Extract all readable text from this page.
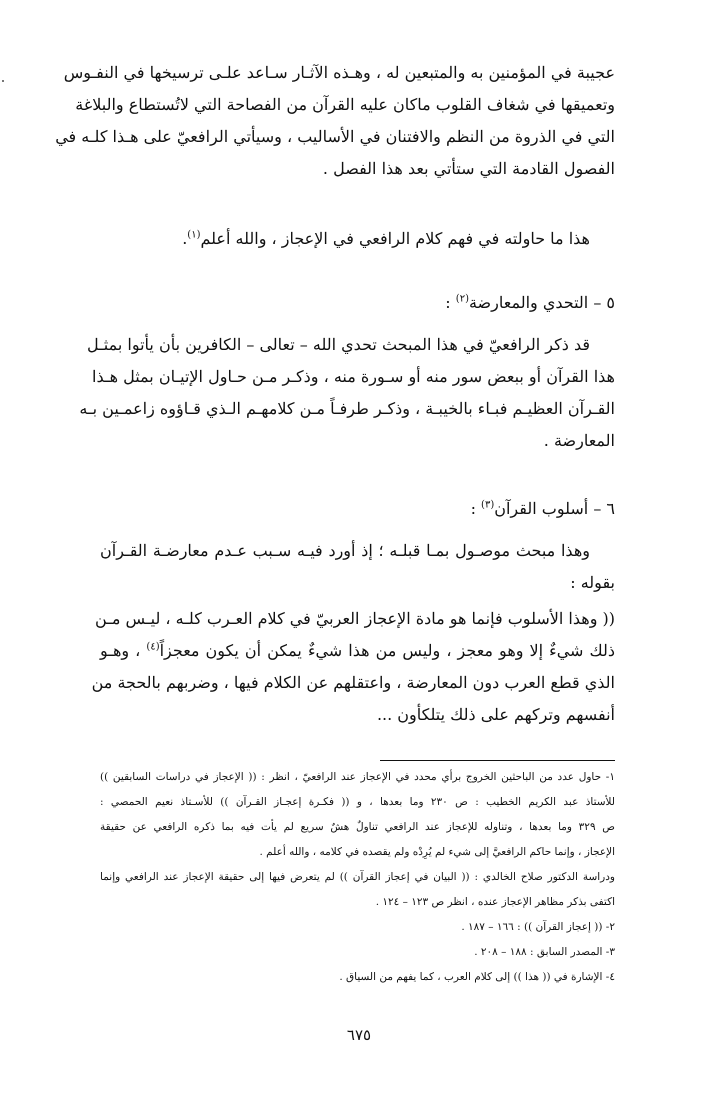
عجيبة في المؤمنين به والمتبعين له ، وهـذه الآثـار سـاعد علـى ترسيخها في النفـوس
وتعميقها في شغاف القلوب ماكان عليه القرآن من الفصاحة التي لاتُستطاع والبلاغة
التي في الذروة من النظم والافتنان في الأساليب ، وسيأتي الرافعيّ على هـذا كلـه في
الفصول القادمة التي ستأتي بعد هذا الفصل .
هذا ما حاولته في فهم كلام الرافعي في الإعجاز ، والله أعلم$^{(١)}$.
٥ – التحدي والمعارضة$^{(٢)}$ :
قد ذكر الرافعيّ في هذا المبحث تحدي الله – تعالى – الكافرين بأن يأتوا بمثـل
هذا القرآن أو ببعض سور منه أو سـورة منه ، وذكـر مـن حـاول الإتيـان بمثل هـذا
القـرآن العظيـم فبـاء بالخيبـة ، وذكـر طرفـاً مـن كلامهـم الـذي قـاؤوه زاعمـين بـه
المعارضة .
٦ – أسلوب القرآن$^{(٣)}$ :
وهذا مبحث موصـول بمـا قبلـه ؛ إذ أورد فيـه سـبب عـدم معارضـة القـرآن
بقوله :
(( وهذا الأسلوب فإنما هو مادة الإعجاز العربيّ في كلام العـرب كلـه ، ليـس مـن
ذلك شيءٌ إلا وهو معجز ، وليس من هذا شيءٌ يمكن أن يكون معجزاً$^{(٤)}$ ، وهـو
الذي قطع العرب دون المعارضة ، واعتقلهم عن الكلام فيها ، وضربهم بالحجة من
أنفسهم وتركهم على ذلك يتلكأون ...
١- حاول عدد من الباحثين الخروج برأي محدد في الإعجاز عند الرافعيّ ، انظر : (( الإعجاز في دراسات السابقين ))
للأستاذ عبد الكريم الخطيب : ص ٢٣٠ وما بعدها ، و (( فكـرة إعجـاز القـرآن )) للأسـتاذ نعيم الحمصي :
ص ٣٢٩ وما بعدها ، وتناوله للإعجاز عند الرافعي تناولٌ هشٌ سريع لم يأت فيه بما ذكره الرافعي عن حقيقة
الإعجاز ، وإنما حاكم الرافعيَّ إلى شيء لم يُرِدْه ولم يقصده في كلامه ، والله أعلم .
ودراسة الدكتور صلاح الخالدي : (( البيان في إعجاز القرآن )) لم يتعرض فيها إلى حقيقة الإعجاز عند الرافعي وإنما
اكتفى بذكر مظاهر الإعجاز عنده ، انظر ص ١٢٣ – ١٢٤ .
٢- (( إعجاز القرآن )) : ١٦٦ – ١٨٧ .
٣- المصدر السابق : ١٨٨ – ٢٠٨ .
٤- الإشارة في (( هذا )) إلى كلام العرب ، كما يفهم من السياق .
٦٧٥
